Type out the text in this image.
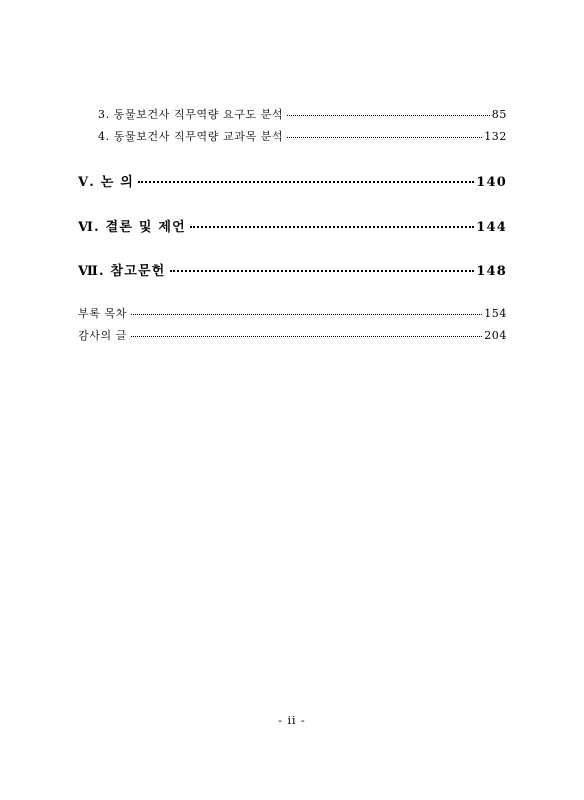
3. 동물보건사 직무역량 요구도 분석	85
4. 동물보건사 직무역량 교과목 분석	132
Ⅴ. 논 의	140
Ⅵ. 결론 및 제언	144
Ⅶ. 참고문헌	148
부록 목차	154
감사의 글	204
- ii -
